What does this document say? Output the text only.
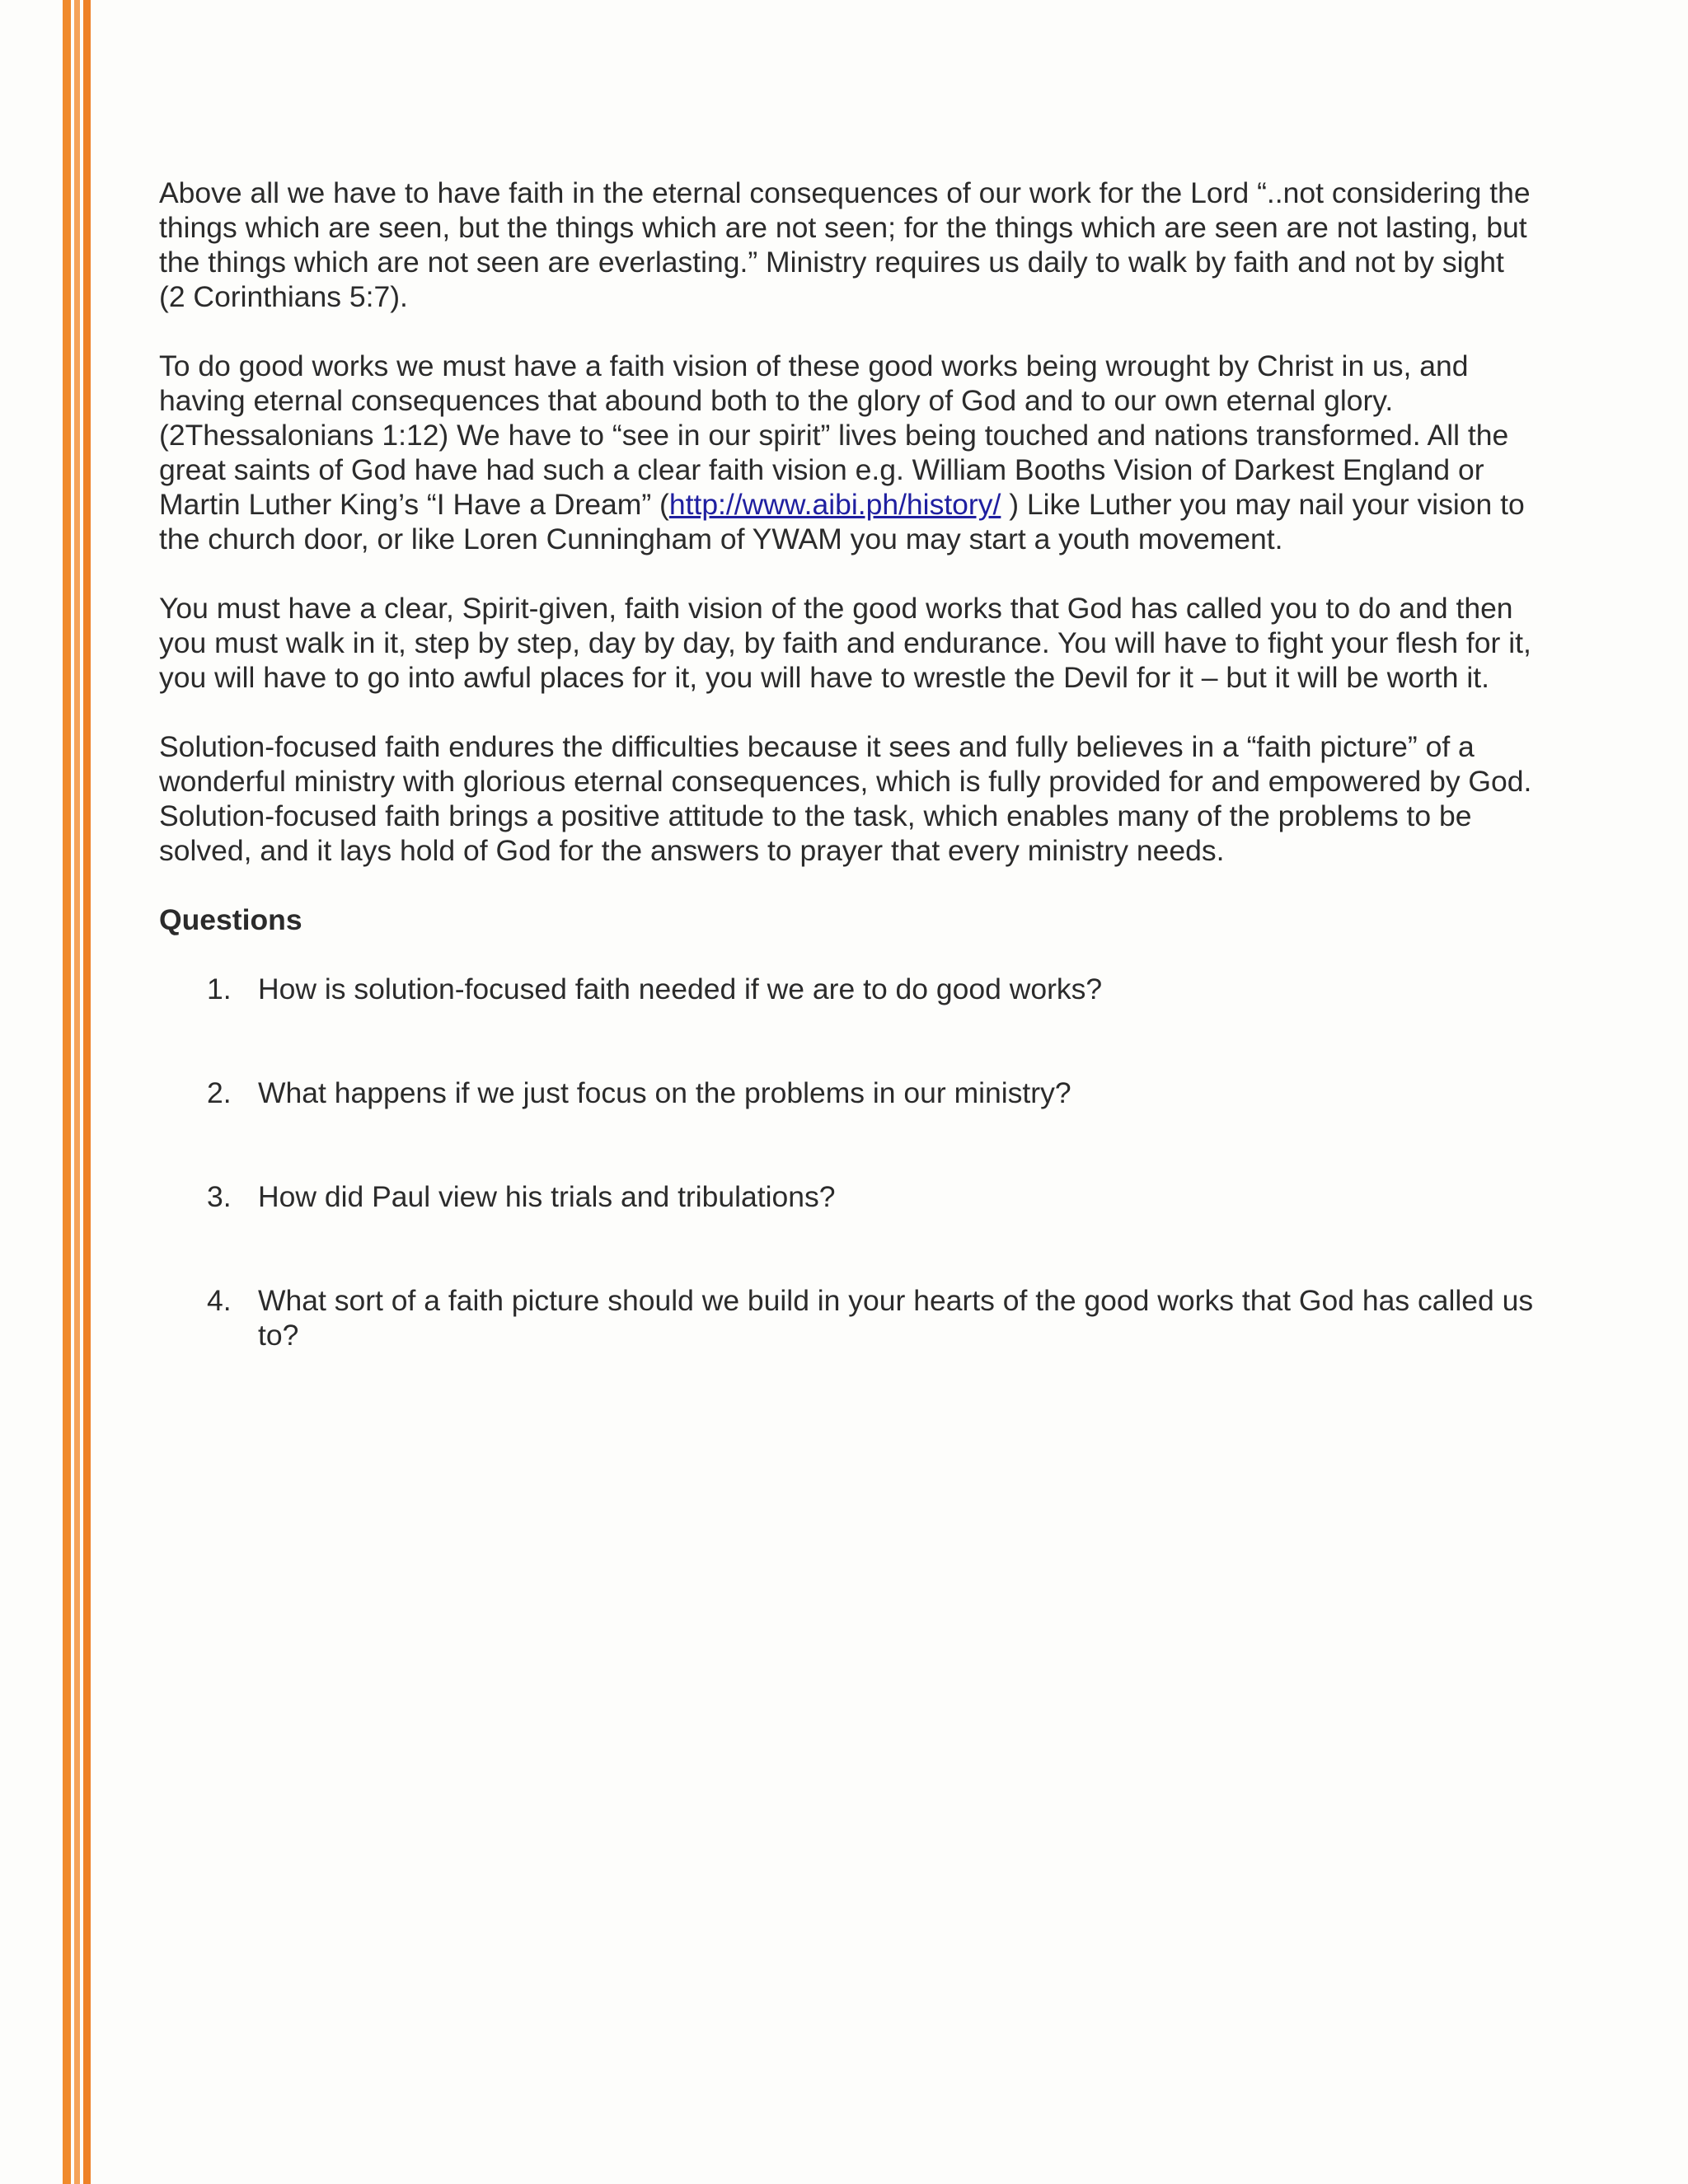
Above all we have to have faith in the eternal consequences of our work for the Lord “..not considering the things which are seen, but the things which are not seen; for the things which are seen are not lasting, but the things which are not seen are everlasting.” Ministry requires us daily to walk by faith and not by sight (2 Corinthians 5:7).

To do good works we must have a faith vision of these good works being wrought by Christ in us, and having eternal consequences that abound both to the glory of God and to our own eternal glory. (2Thessalonians 1:12) We have to “see in our spirit” lives being touched and nations transformed. All the great saints of God have had such a clear faith vision e.g. William Booths Vision of Darkest England or Martin Luther King’s “I Have a Dream” (http://www.aibi.ph/history/ ) Like Luther you may nail your vision to the church door, or like Loren Cunningham of YWAM you may start a youth movement.

You must have a clear, Spirit-given, faith vision of the good works that God has called you to do and then you must walk in it, step by step, day by day, by faith and endurance. You will have to fight your flesh for it, you will have to go into awful places for it, you will have to wrestle the Devil for it – but it will be worth it.

Solution-focused faith endures the difficulties because it sees and fully believes in a “faith picture” of a wonderful ministry with glorious eternal consequences, which is fully provided for and empowered by God. Solution-focused faith brings a positive attitude to the task, which enables many of the problems to be solved, and it lays hold of God for the answers to prayer that every ministry needs.

Questions
1. How is solution-focused faith needed if we are to do good works?
2. What happens if we just focus on the problems in our ministry?
3. How did Paul view his trials and tribulations?
4. What sort of a faith picture should we build in your hearts of the good works that God has called us to?
